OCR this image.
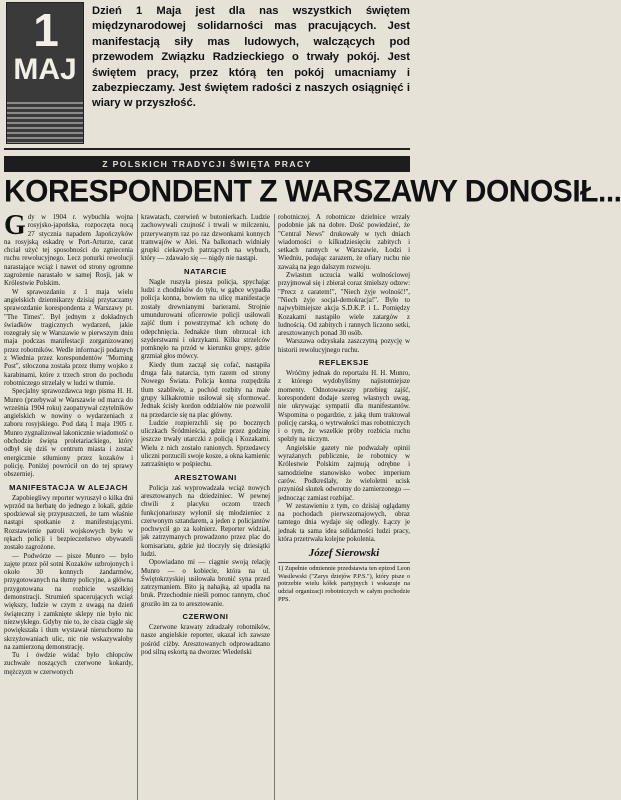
1
MAJ
Dzień 1 Maja jest dla nas wszystkich świętem międzynarodowej solidarności mas pracujących. Jest manifestacją siły mas ludowych, walczących pod przewodem Związku Radzieckiego o trwały pokój. Jest świętem pracy, przez którą ten pokój umacniamy i zabezpieczamy. Jest świętem radości z naszych osiągnięć i wiary w przyszłość.
Z POLSKICH TRADYCJI ŚWIĘTA PRACY
KORESPONDENT Z WARSZAWY DONOSIŁ...

Gdy w 1904 r. wybuchła wojna rosyjsko-japońska, rozpoczęta nocą 27 stycznia napadem Japończyków na rosyjską eskadrę w Port-Arturze, carat chciał użyć tej sposobności do zgniecenia ruchu rewolucyjnego. Lecz ponurki rewolucji narastające wciąż i nawet od strony ogromne zagrożenie narastało w samej Rosji, jak w Królestwie Polskim.

W sprawozdaniu z 1 maja wielu angielskich dziennikarzy dzisiaj przytaczamy sprawozdanie korespondenta z Warszawy pt. "The Times". Był jednym z dokładnych świadków tragicznych wydarzeń, jakie rozegrały się w Warszawie w pierwszym dniu maja podczas manifestacji zorganizowanej przez robotników. Wedle informacji podanych z Wiednia przez korespondentów "Morning Post", stłoczona została przez tłumy wojsko z karabinami, które z trzech stron do pochodu robotniczego strzelały w ludzi w tłumie.

Specjalny sprawozdawca tego pisma H. H. Munro (przebywał w Warszawie od marca do września 1904 roku) zaopatrywał czytelników angielskich w nowiny o wydarzeniach z zaboru rosyjskiego. Pod datą 1 maja 1905 r. Munro zygnalizował lakonicznie wiadomość o obchodzie święta proletariackiego, który odbył się dziś w centrum miasta i zostać energicznie stłumiony przez kozaków i policję. Poniżej powrócił on do tej sprawy obszerniej.

MANIFESTACJA W ALEJACH

Zapobiegliwy reporter wyruszył o kilka dni wprzód na herbatę do jednego z lokali, gdzie spodziewał się przypuszczeń, że tam właśnie nastąpi spotkanie z manifestującymi. Rozstawienie patroli wojskowych było w rękach policji i bezpieczeństwo obywateli zostało zagrożone.

— Podwórze — pisze Munro — było zajęte przez pół sotni Kozaków uzbrojonych i około 30 konnych żandarmów, przygotowanych na tłumy policyjne, a główna przygotowana na rozbicie wszelkiej demonstracji. Strumień spacerujących wciąż większy, ludzie w czym z uwagą na dzień świąteczny i zamknięte sklepy nie było nic niezwykłego. Gdyby nie to, że cisza ciągle się powiększała i tłum wystawał nieruchomo na skrzyżowaniach ulic, nic nie wskazywałoby na zamierzoną demonstrację.

Tu i ówdzie widać było chłopców zuchwale noszących czerwone kokardy, mężczyzn w czerwonych

krawatach, czerwień w butonierkach. Ludzie zachowywali czujność i trwali w milczeniu, przerywanym raz po raz dzwonkami konnych tramwajów w Alei. Na balkonach widniały grupki ciekawych patrzących na wybuch, który — zdawało się — nigdy nie nastąpi.

NATARCIE

Nagle ruszyła piesza policja, spychając ludzi z chodników do tyłu, w gąbce wypadła policja konna, bowiem na ulicę manifestacje zostały drewnianymi barierami. Strojnie umundurowani oficerowie policji usiłowali zajść tłum i powstrzymać ich ochotę do odepchnięcia. Jednakże tłum obrzucał ich szyderstwami i okrzykami. Kilku strzelców pomknęło na przód w kierunku grupy, gdzie grzmiał głos mówcy.

Kiedy tłum zaczął się cofać, nastąpiła druga fala natarcia, tym razem od strony Nowego Świata. Policja konna rozpędziła tłum szabliwie, a pochód rozbity na małe grupy kilkakrotnie usiłował się sformować. Jednak ścisły kordon oddziałów nie pozwolił na przedarcie się na plac główny.

Ludzie rozpierzchli się po bocznych uliczkach Śródmieścia, gdzie przez godzinę jeszcze trwały utarczki z policją i Kozakami. Wielu z nich zostało ranionych. Sprzedawcy uliczni porzucili swoje kosze, a okna kamienic zatrzaśnięto w pośpiechu.

ARESZTOWANI

Policja zaś wyprowadzała wciąż nowych aresztowanych na dziedziniec. W pewnej chwili z placyku oczom trzech funkcjonariuszy wyłonił się młodzieniec z czerwonym sztandarem, a jeden z policjantów pochwycił go za kołnierz. Reporter widział, jak zatrzymanych prowadzono przez plac do komisariatu, gdzie już tłoczyły się dziesiątki ludzi.

Opowiadano mi — ciągnie swoją relację Munro — o kobiecie, która na ul. Świętokrzyskiej usiłowała bronić syna przed zatrzymaniem. Bito ją nahajką, aż upadła na bruk. Przechodnie nieśli pomoc rannym, choć groziło im za to aresztowanie.

CZERWONI

Czerwone krawaty zdradzały robotników, nasze angielskie reporter, ukazał ich zawsze pośród ciżby. Aresztowanych odprowadzano pod silną eskortą na dworzec Wiedeński

robotniczej. A robotnicze dzielnice wrzały podobnie jak na dobre. Dość powiedzieć, że "Central News" drukowały w tych dniach wiadomości o kilkudziesięciu zabitych i setkach rannych w Warszawie, Łodzi i Wiedniu, podając zarazem, że ofiary ruchu nie zaważą na jego dalszym rozwoju.

Zwiastun uczucia walki wolnościowej przyjmował się i zbierał coraz śmielszy odzew: "Precz z caratem!", "Niech żyje wolność!", "Niech żyje socjal-demokracja!". Było to najwybitniejsze akcja S.D.K.P. i L. Pomiędzy Kozakami nastąpiło wiele zatargów z ludnością. Od zabitych i rannych liczono setki, aresztowanych ponad 30 osób.

Warszawa odzyskała zaszczytną pozycję w historii rewolucyjnego ruchu.

REFLEKSJE

Wróćmy jednak do reportażu H. H. Munro, z którego wydobyliśmy najistotniejsze momenty. Odnotowawszy przebieg zajść, korespondent dodaje szereg własnych uwag, nie ukrywając sympatii dla manifestantów. Wspomina o pogardzie, z jaką tłum traktował policję carską, o wytrwałości mas robotniczych i o tym, że wszelkie próby rozbicia ruchu spełzły na niczym.

Angielskie gazety nie podważały opinii wyrażanych publicznie, że robotnicy w Królestwie Polskim zajmują odrębne i samodzielne stanowisko wobec imperium carów. Podkreślały, że wieloletni ucisk przyniósł skutek odwrotny do zamierzonego — jednocząc zamiast rozbijać.

W zestawieniu z tym, co dzisiaj oglądamy na pochodach pierwszomajowych, obraz tamtego dnia wydaje się odległy. Łączy je jednak ta sama idea solidarności ludzi pracy, która przetrwała kolejne pokolenia.

Józef Sierowski
1) Zupełnie odmiennie przedstawia ten epizod Leon Wasilewski ("Zarys dziejów P.P.S."), który pisze o potrzebie wielu kółek partyjnych i wskazuje na udział organizacji robotniczych w całym pochodzie PPS.
